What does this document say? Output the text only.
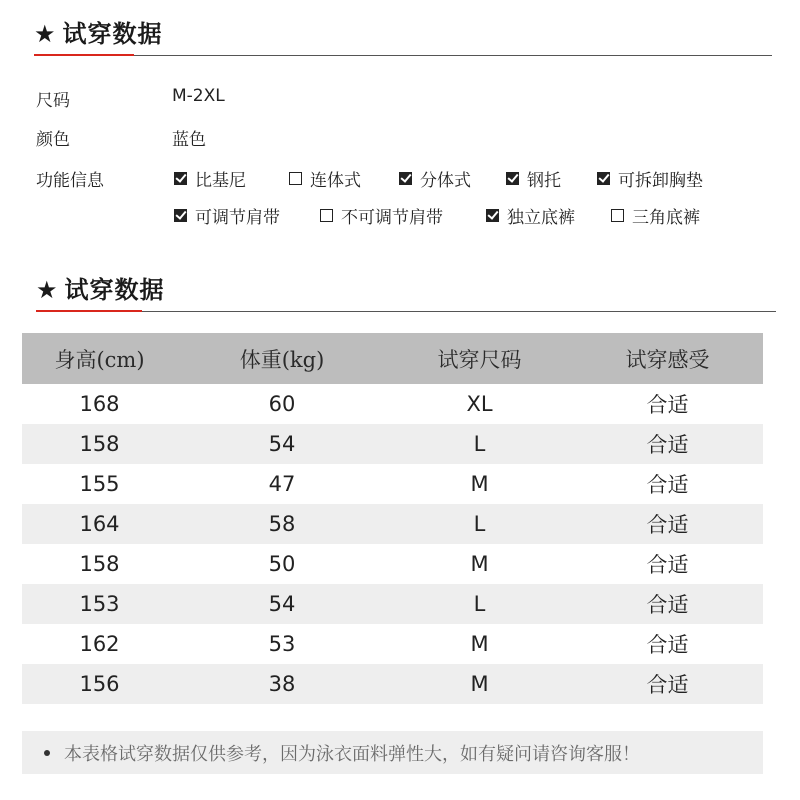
★ 试穿数据
尺码	M-2XL
颜色	蓝色
功能信息	比基尼	连体式	分体式	钢托	可拆卸胸垫
可调节肩带	不可调节肩带	独立底裤	三角底裤
★ 试穿数据
身高(cm)	体重(kg)	试穿尺码	试穿感受
168	60	XL	合适
158	54	L	合适
155	47	M	合适
164	58	L	合适
158	50	M	合适
153	54	L	合适
162	53	M	合适
156	38	M	合适
本表格试穿数据仅供参考，因为泳衣面料弹性大，如有疑问请咨询客服！
